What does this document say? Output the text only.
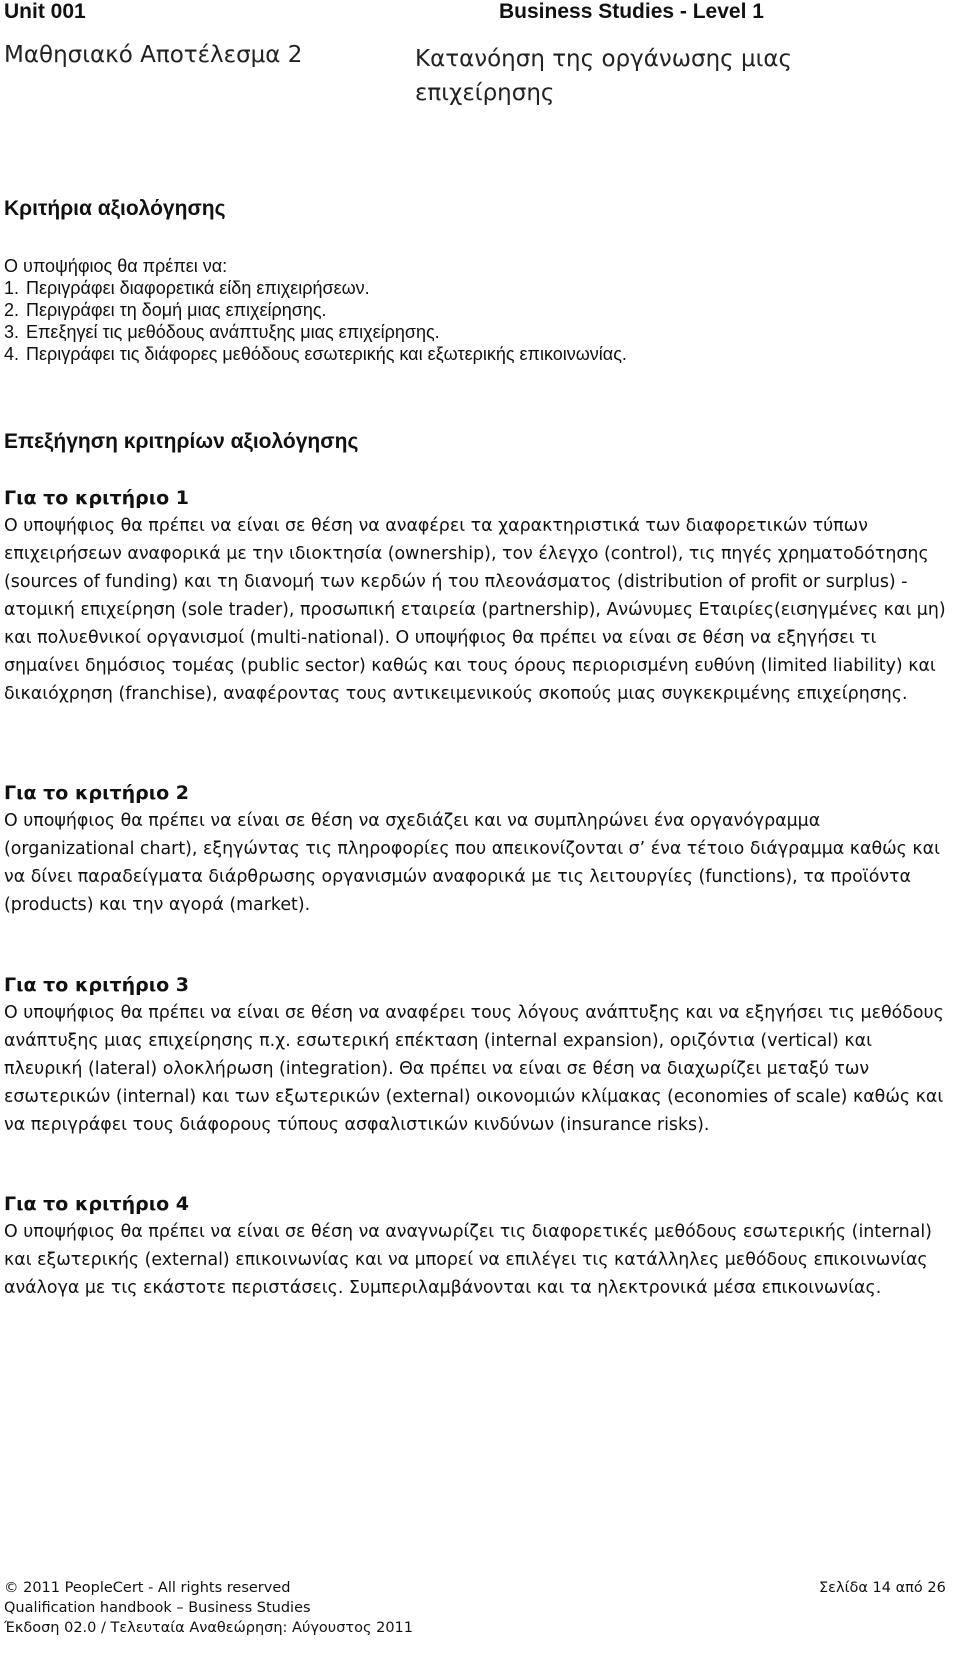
Unit 001	Business Studies - Level 1
Μαθησιακό Αποτέλεσμα 2	Κατανόηση της οργάνωσης μιας επιχείρησης
Κριτήρια αξιολόγησης
Ο υποψήφιος θα πρέπει να:
1. Περιγράφει διαφορετικά είδη επιχειρήσεων.
2. Περιγράφει τη δομή μιας επιχείρησης.
3. Επεξηγεί τις μεθόδους ανάπτυξης μιας επιχείρησης.
4. Περιγράφει τις διάφορες μεθόδους εσωτερικής και εξωτερικής επικοινωνίας.
Επεξήγηση κριτηρίων αξιολόγησης
Για το κριτήριο 1

Ο υποψήφιος θα πρέπει να είναι σε θέση να αναφέρει τα χαρακτηριστικά των διαφορετικών τύπων επιχειρήσεων αναφορικά με την ιδιοκτησία (ownership), τον έλεγχο (control), τις πηγές χρηματοδότησης (sources of funding) και τη διανομή των κερδών ή του πλεονάσματος (distribution of profit or surplus) - ατομική επιχείρηση (sole trader), προσωπική εταιρεία (partnership), Ανώνυμες Εταιρίες(εισηγμένες και μη) και πολυεθνικοί οργανισμοί (multi-national). Ο υποψήφιος θα πρέπει να είναι σε θέση να εξηγήσει τι σημαίνει δημόσιος τομέας (public sector) καθώς και τους όρους περιορισμένη ευθύνη (limited liability) και δικαιόχρηση (franchise), αναφέροντας τους αντικειμενικούς σκοπούς μιας συγκεκριμένης επιχείρησης.

Για το κριτήριο 2

Ο υποψήφιος θα πρέπει να είναι σε θέση να σχεδιάζει και να συμπληρώνει ένα οργανόγραμμα (organizational chart), εξηγώντας τις πληροφορίες που απεικονίζονται σ’ ένα τέτοιο διάγραμμα καθώς και να δίνει παραδείγματα διάρθρωσης οργανισμών αναφορικά με τις λειτουργίες (functions), τα προϊόντα (products) και την αγορά (market).

Για το κριτήριο 3

Ο υποψήφιος θα πρέπει να είναι σε θέση να αναφέρει τους λόγους ανάπτυξης και να εξηγήσει τις μεθόδους ανάπτυξης μιας επιχείρησης π.χ. εσωτερική επέκταση (internal expansion), οριζόντια (vertical) και πλευρική (lateral) ολοκλήρωση (integration). Θα πρέπει να είναι σε θέση να διαχωρίζει μεταξύ των εσωτερικών (internal) και των εξωτερικών (external) οικονομιών κλίμακας (economies of scale) καθώς και να περιγράφει τους διάφορους τύπους ασφαλιστικών κινδύνων (insurance risks).

Για το κριτήριο 4

Ο υποψήφιος θα πρέπει να είναι σε θέση να αναγνωρίζει τις διαφορετικές μεθόδους εσωτερικής (internal) και εξωτερικής (external) επικοινωνίας και να μπορεί να επιλέγει τις κατάλληλες μεθόδους επικοινωνίας ανάλογα με τις εκάστοτε περιστάσεις. Συμπεριλαμβάνονται και τα ηλεκτρονικά μέσα επικοινωνίας.

© 2011 PeopleCert - All rights reserved	Σελίδα 14 από 26
Qualification handbook – Business Studies
Έκδοση 02.0 / Τελευταία Αναθεώρηση: Αύγουστος 2011
